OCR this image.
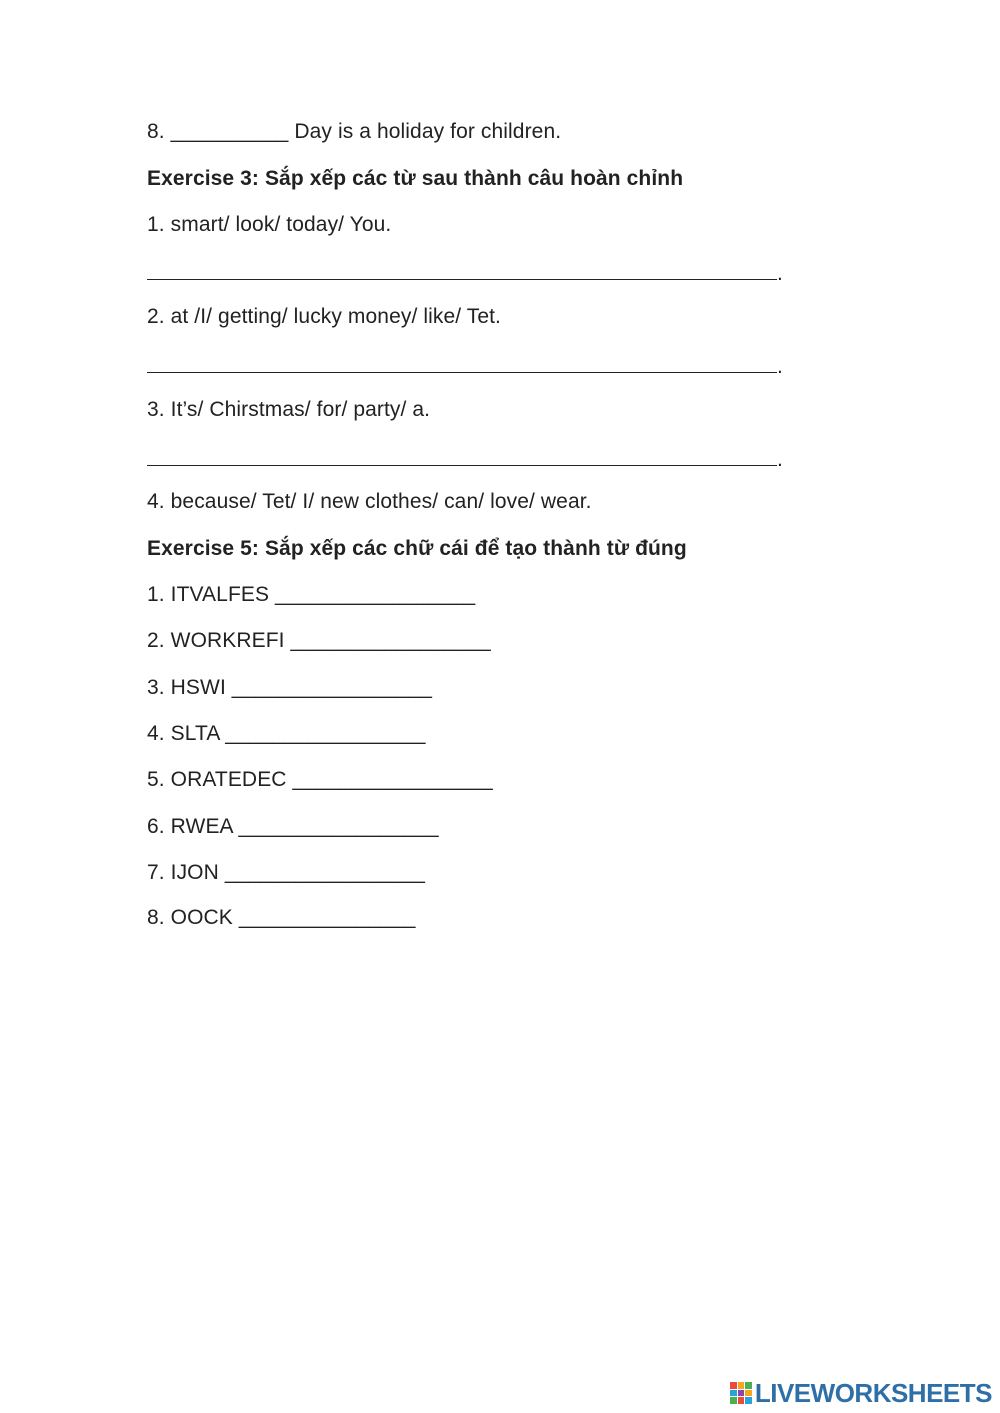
8. __________ Day is a holiday for children.
Exercise 3: Sắp xếp các từ sau thành câu hoàn chỉnh
1. smart/ look/ today/ You.
.
2. at /I/ getting/ lucky money/ like/ Tet.
.
3. It’s/ Chirstmas/ for/ party/ a.
.
4. because/ Tet/ I/ new clothes/ can/ love/ wear.
Exercise 5: Sắp xếp các chữ cái để tạo thành từ đúng
1. ITVALFES _________________
2. WORKREFI _________________
3. HSWI _________________
4. SLTA _________________
5. ORATEDEC _________________
6. RWEA _________________
7. IJON _________________
8. OOCK _______________
LIVEWORKSHEETS
